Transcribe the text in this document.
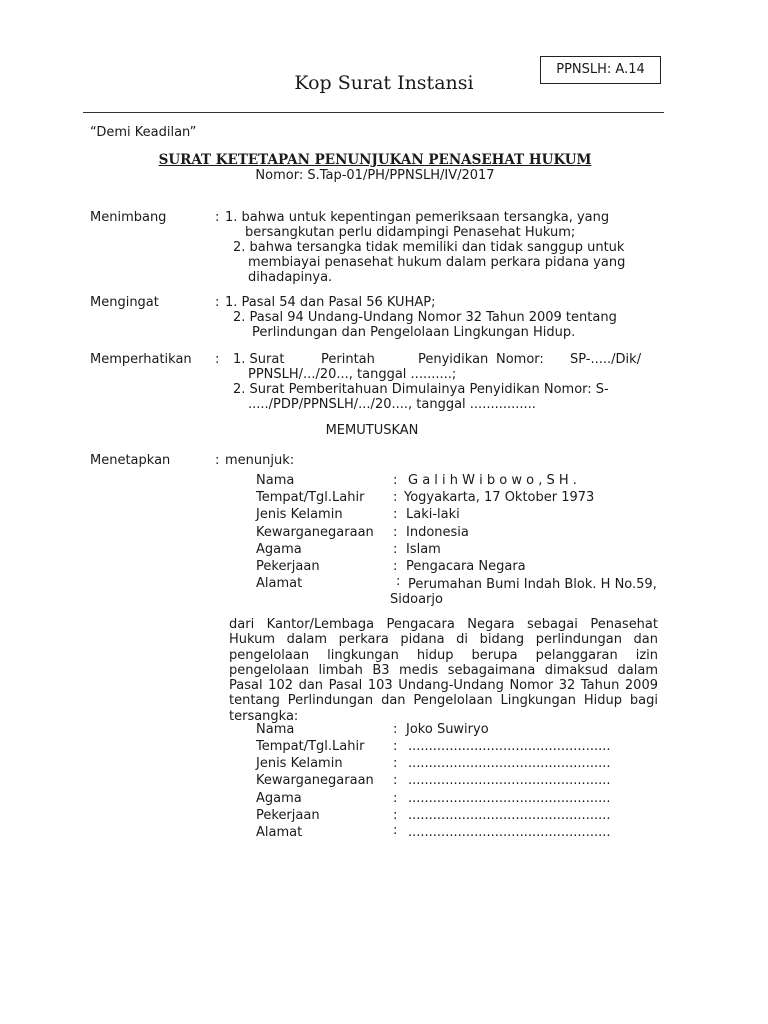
PPNSLH: A.14
Kop Surat Instansi
“Demi Keadilan”
SURAT KETETAPAN PENUNJUKAN PENASEHAT HUKUM
Nomor: S.Tap-01/PH/PPNSLH/IV/2017
Menimbang	: 1. bahwa untuk kepentingan pemeriksaan tersangka, yang
bersangkutan perlu didampingi Penasehat Hukum;
2. bahwa tersangka tidak memiliki dan tidak sanggup untuk
membiayai penasehat hukum dalam perkara pidana yang
dihadapinya.
Mengingat	: 1. Pasal 54 dan Pasal 56 KUHAP;
2. Pasal 94 Undang-Undang Nomor 32 Tahun 2009 tentang
Perlindungan dan Pengelolaan Lingkungan Hidup.
Memperhatikan : 1. Surat	Perintah	Penyidikan Nomor: SP-...../Dik/
PPNSLH/.../20..., tanggal ..........;
2. Surat Pemberitahuan Dimulainya Penyidikan Nomor: S-
...../PDP/PPNSLH/.../20...., tanggal ................
MEMUTUSKAN
Menetapkan	: menunjuk:
Nama	: G a l i h W i b o w o , S H .
Tempat/Tgl.Lahir : Yogyakarta, 17 Oktober 1973
Jenis Kelamin	: Laki-laki
Kewarganegaraan : Indonesia
Agama	: Islam
Pekerjaan	: Pengacara Negara
Alamat	: Perumahan Bumi Indah Blok. H No.59,
Sidoarjo
dari Kantor/Lembaga Pengacara Negara sebagai Penasehat Hukum dalam perkara pidana di bidang perlindungan dan pengelolaan lingkungan hidup berupa pelanggaran izin pengelolaan limbah B3 medis sebagaimana dimaksud dalam Pasal 102 dan Pasal 103 Undang-Undang Nomor 32 Tahun 2009 tentang Perlindungan dan Pengelolaan Lingkungan Hidup bagi tersangka:
Nama	: Joko Suwiryo
Tempat/Tgl.Lahir : .................................................
Jenis Kelamin	: .................................................
Kewarganegaraan : .................................................
Agama	: .................................................
Pekerjaan	: .................................................
Alamat	: .................................................
